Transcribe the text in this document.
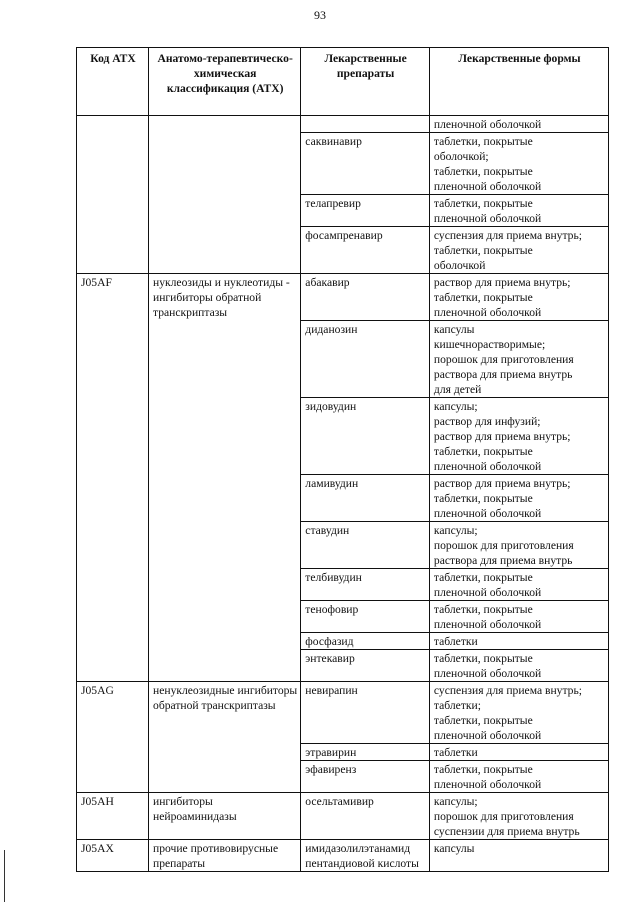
93
Код АТХ	Анатомо-терапевтическо-химическая классификация (АТХ)	Лекарственные препараты	Лекарственные формы

			пленочной оболочкой

		саквинавир	таблетки, покрытые
оболочкой;
таблетки, покрытые
пленочной оболочкой

		телапревир	таблетки, покрытые
пленочной оболочкой

		фосампренавир	суспензия для приема внутрь;
таблетки, покрытые
оболочкой

J05AF	нуклеозиды и нуклеотиды - ингибиторы обратной транскриптазы	абакавир	раствор для приема внутрь;
таблетки, покрытые
пленочной оболочкой

		диданозин	капсулы
кишечнорастворимые;
порошок для приготовления
раствора для приема внутрь
для детей

		зидовудин	капсулы;
раствор для инфузий;
раствор для приема внутрь;
таблетки, покрытые
пленочной оболочкой

		ламивудин	раствор для приема внутрь;
таблетки, покрытые
пленочной оболочкой

		ставудин	капсулы;
порошок для приготовления
раствора для приема внутрь

		телбивудин	таблетки, покрытые
пленочной оболочкой

		тенофовир	таблетки, покрытые
пленочной оболочкой

		фосфазид	таблетки

		энтекавир	таблетки, покрытые
пленочной оболочкой

J05AG	ненуклеозидные ингибиторы обратной транскриптазы	невирапин	суспензия для приема внутрь;
таблетки;
таблетки, покрытые
пленочной оболочкой

		этравирин	таблетки

		эфавиренз	таблетки, покрытые
пленочной оболочкой

J05AH	ингибиторы нейроаминидазы	осельтамивир	капсулы;
порошок для приготовления
суспензии для приема внутрь

J05AX	прочие противовирусные препараты	имидазолилэтанамид пентандиовой кислоты	капсулы
